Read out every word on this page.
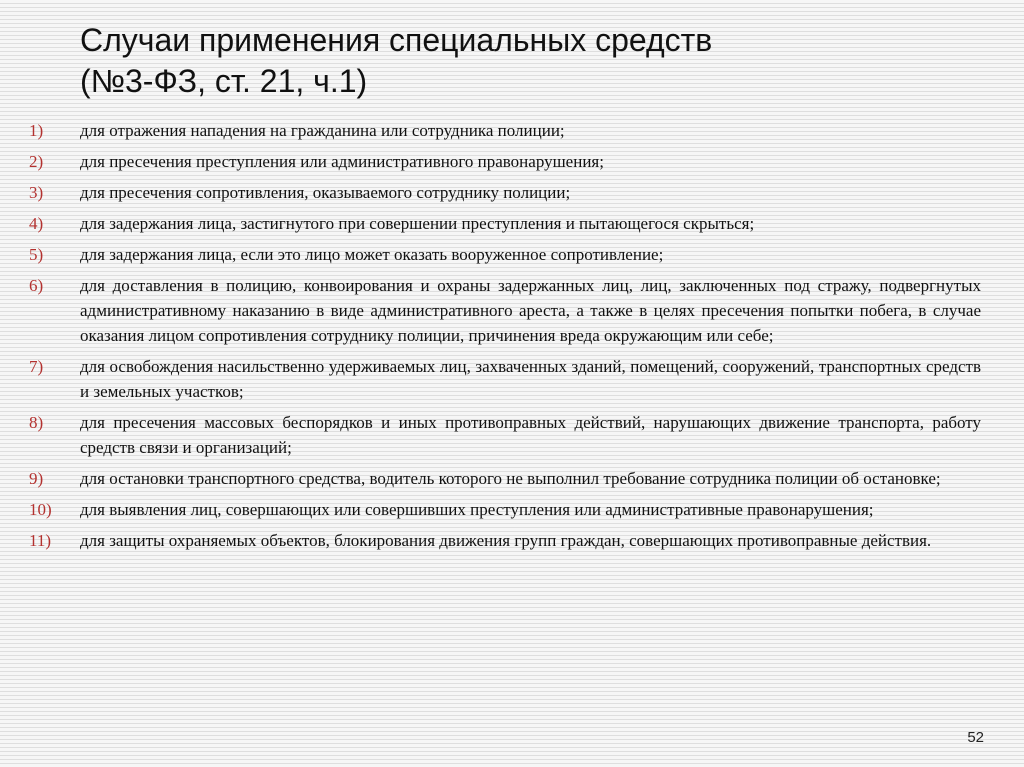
Случаи применения специальных средств
(№3-ФЗ, ст. 21, ч.1)
1) для отражения нападения на гражданина или сотрудника полиции;
2) для пресечения преступления или административного правонарушения;
3) для пресечения сопротивления, оказываемого сотруднику полиции;
4) для задержания лица, застигнутого при совершении преступления и пытающегося скрыться;
5) для задержания лица, если это лицо может оказать вооруженное сопротивление;
6) для доставления в полицию, конвоирования и охраны задержанных лиц, лиц, заключенных под стражу, подвергнутых административному наказанию в виде административного ареста, а также в целях пресечения попытки побега, в случае оказания лицом сопротивления сотруднику полиции, причинения вреда окружающим или себе;
7) для освобождения насильственно удерживаемых лиц, захваченных зданий, помещений, сооружений, транспортных средств и земельных участков;
8) для пресечения массовых беспорядков и иных противоправных действий, нарушающих движение транспорта, работу средств связи и организаций;
9) для остановки транспортного средства, водитель которого не выполнил требование сотрудника полиции об остановке;
10) для выявления лиц, совершающих или совершивших преступления или административные правонарушения;
11) для защиты охраняемых объектов, блокирования движения групп граждан, совершающих противоправные действия.
52
